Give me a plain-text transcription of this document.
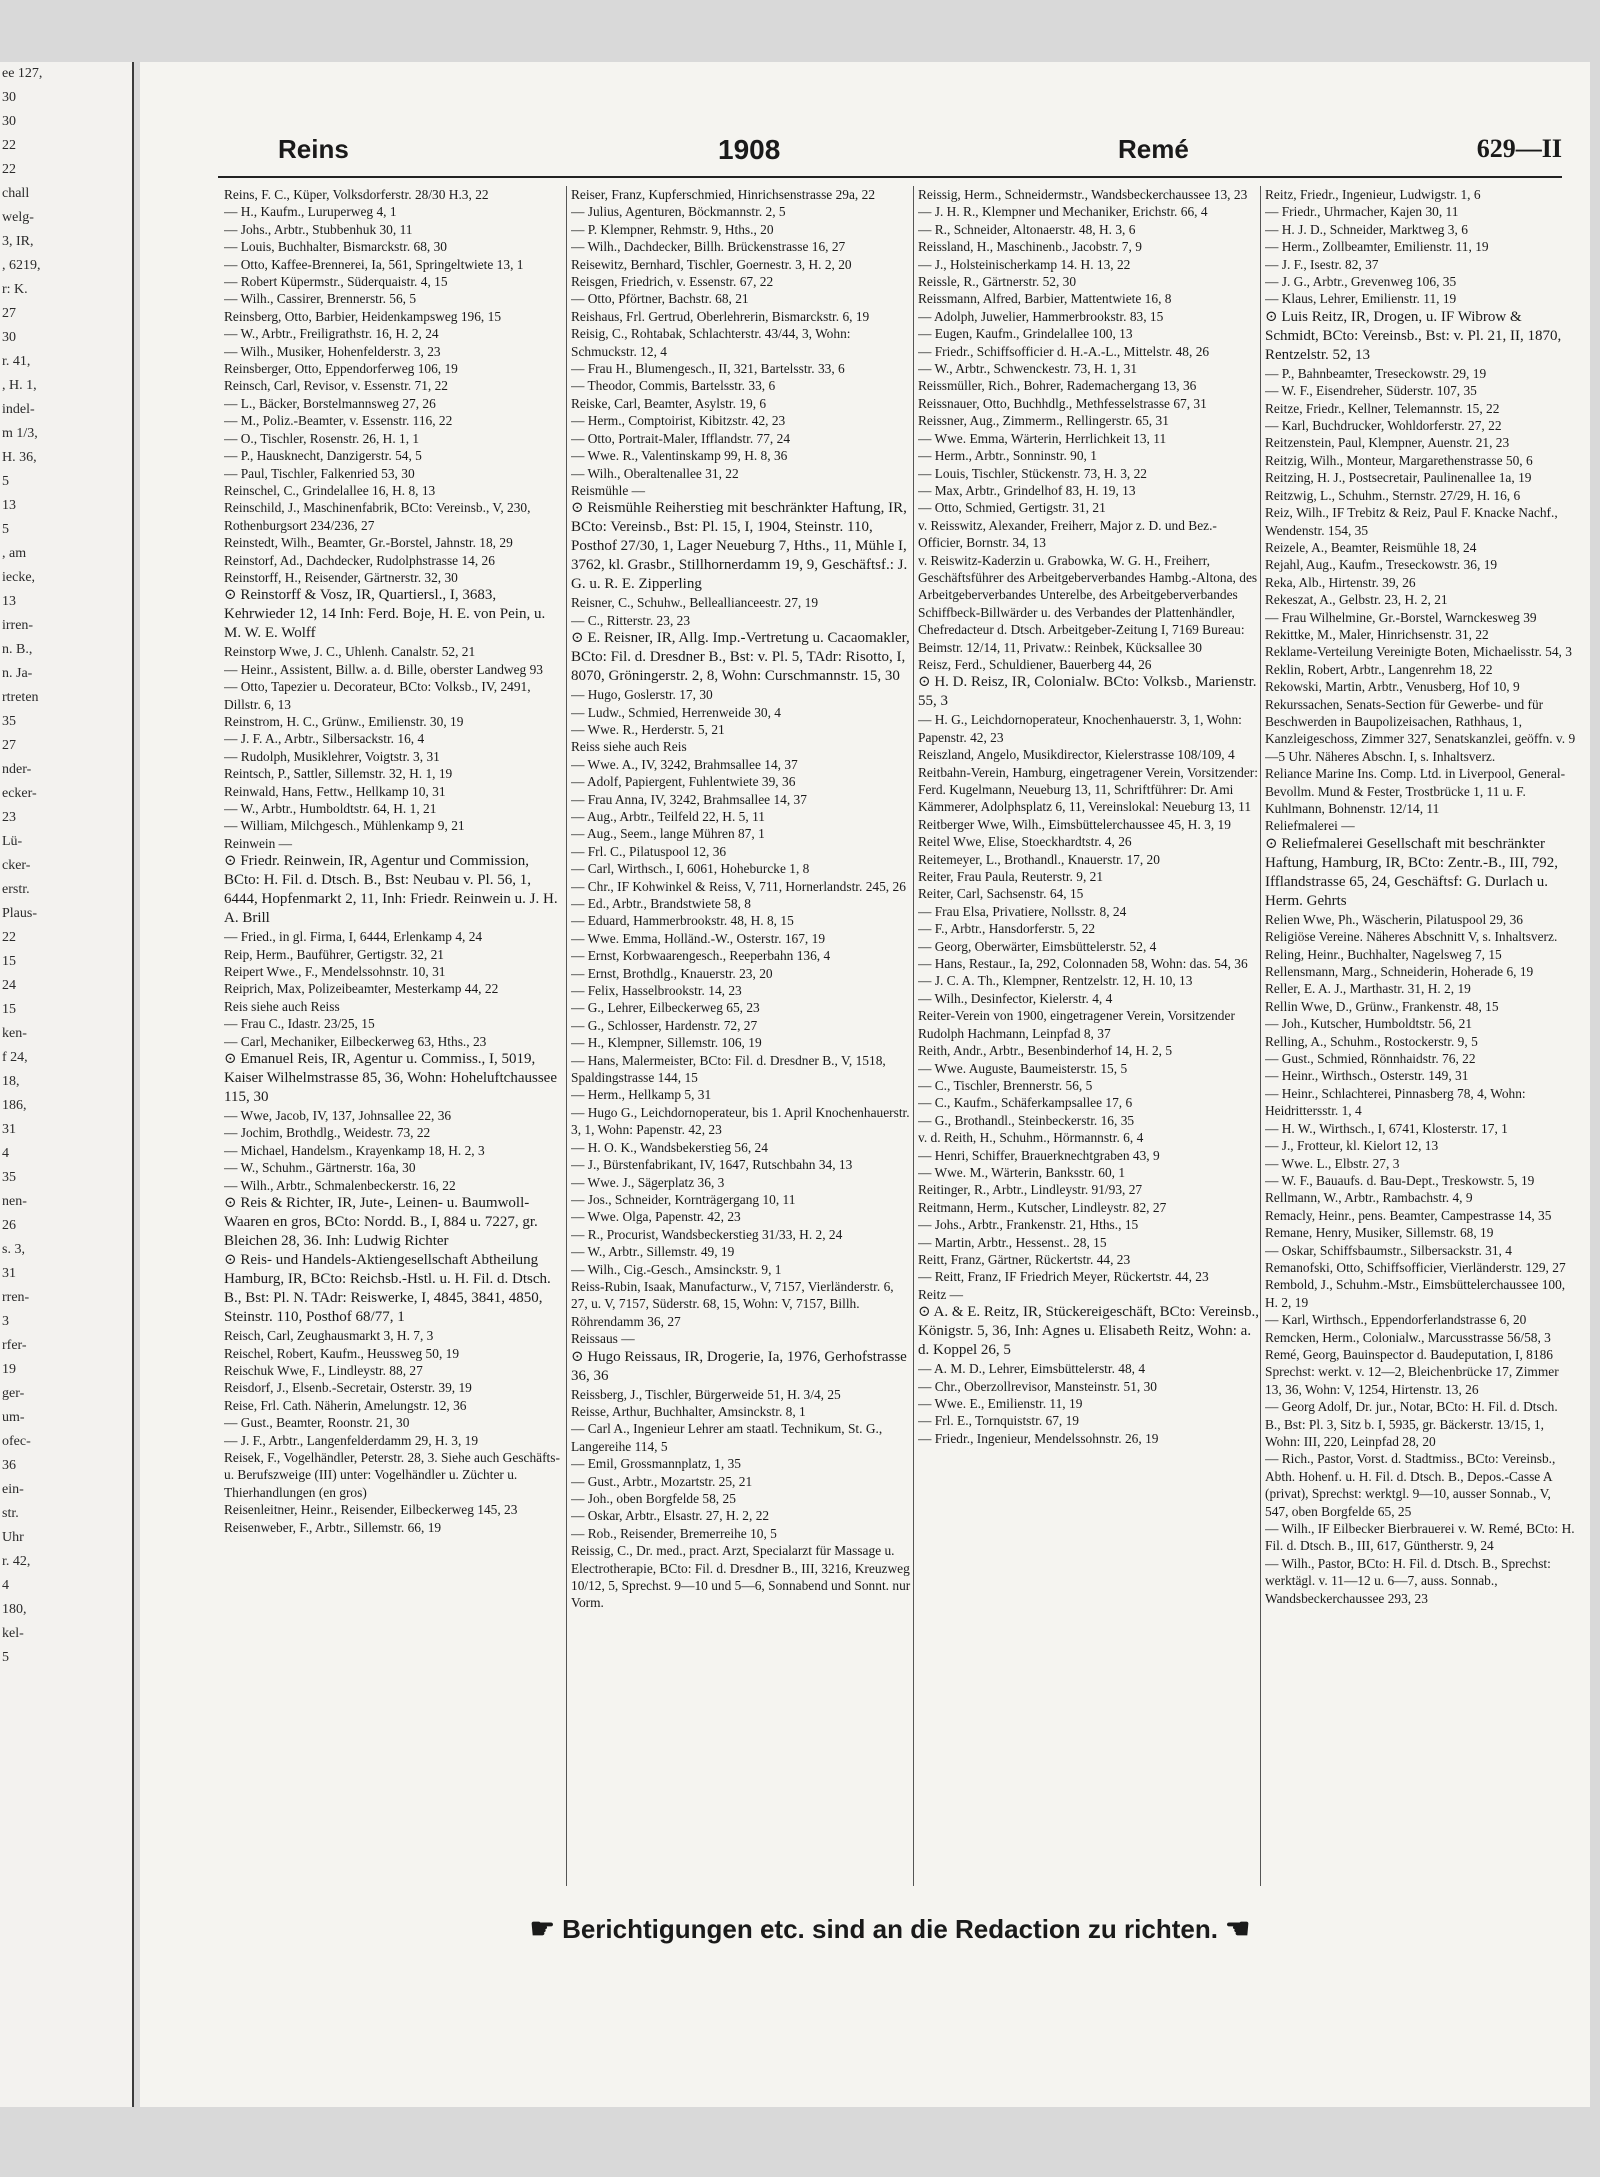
ee 127,
30
30
22
22
chall
welg-
3, IR,
, 6219,
r: K.
27
30
r. 41,
, H. 1,
indel-
m 1/3,
H. 36,
5
13
5
, am
iecke,
13
irren-
n. B.,
n. Ja-
rtreten
35
27
nder-
ecker-
23
Lü-
cker-
erstr.
Plaus-
22
15
24
15
ken-
f 24,
18,
186,
31
4
35
nen-
26
s. 3,
31
rren-
3
rfer-
19
ger-
um-
ofec-
36
ein-
str.
Uhr
r. 42,
4
180,
kel-
5
Reins	1908	Remé	629—II

Reins, F. C., Küper, Volksdorferstr. 28/30 H.3, 22

— H., Kaufm., Luruperweg 4, 1

— Johs., Arbtr., Stubbenhuk 30, 11

— Louis, Buchhalter, Bismarckstr. 68, 30

— Otto, Kaffee-Brennerei, Ia, 561, Springeltwiete 13, 1

— Robert Küpermstr., Süderquaistr. 4, 15

— Wilh., Cassirer, Brennerstr. 56, 5

Reinsberg, Otto, Barbier, Heidenkampsweg 196, 15

— W., Arbtr., Freiligrathstr. 16, H. 2, 24

— Wilh., Musiker, Hohenfelderstr. 3, 23

Reinsberger, Otto, Eppendorferweg 106, 19

Reinsch, Carl, Revisor, v. Essenstr. 71, 22

— L., Bäcker, Borstelmannsweg 27, 26

— M., Poliz.-Beamter, v. Essenstr. 116, 22

— O., Tischler, Rosenstr. 26, H. 1, 1

— P., Hausknecht, Danzigerstr. 54, 5

— Paul, Tischler, Falkenried 53, 30

Reinschel, C., Grindelallee 16, H. 8, 13

Reinschild, J., Maschinenfabrik, BCto: Vereinsb., V, 230, Rothenburgsort 234/236, 27

Reinstedt, Wilh., Beamter, Gr.-Borstel, Jahnstr. 18, 29

Reinstorf, Ad., Dachdecker, Rudolphstrasse 14, 26

Reinstorff, H., Reisender, Gärtnerstr. 32, 30

⊙ Reinstorff & Vosz, IR, Quartiersl., I, 3683, Kehrwieder 12, 14 Inh: Ferd. Boje, H. E. von Pein, u. M. W. E. Wolff

Reinstorp Wwe, J. C., Uhlenh. Canalstr. 52, 21

— Heinr., Assistent, Billw. a. d. Bille, oberster Landweg 93

— Otto, Tapezier u. Decorateur, BCto: Volksb., IV, 2491, Dillstr. 6, 13

Reinstrom, H. C., Grünw., Emilienstr. 30, 19

— J. F. A., Arbtr., Silbersackstr. 16, 4

— Rudolph, Musiklehrer, Voigtstr. 3, 31

Reintsch, P., Sattler, Sillemstr. 32, H. 1, 19

Reinwald, Hans, Fettw., Hellkamp 10, 31

— W., Arbtr., Humboldtstr. 64, H. 1, 21

— William, Milchgesch., Mühlenkamp 9, 21

Reinwein —

⊙ Friedr. Reinwein, IR, Agentur und Commission, BCto: H. Fil. d. Dtsch. B., Bst: Neubau v. Pl. 56, 1, 6444, Hopfenmarkt 2, 11, Inh: Friedr. Reinwein u. J. H. A. Brill

— Fried., in gl. Firma, I, 6444, Erlenkamp 4, 24

Reip, Herm., Bauführer, Gertigstr. 32, 21

Reipert Wwe., F., Mendelssohnstr. 10, 31

Reiprich, Max, Polizeibeamter, Mesterkamp 44, 22

Reis siehe auch Reiss

— Frau C., Idastr. 23/25, 15

— Carl, Mechaniker, Eilbeckerweg 63, Hths., 23

⊙ Emanuel Reis, IR, Agentur u. Commiss., I, 5019, Kaiser Wilhelmstrasse 85, 36, Wohn: Hoheluftchaussee 115, 30

— Wwe, Jacob, IV, 137, Johnsallee 22, 36

— Jochim, Brothdlg., Weidestr. 73, 22

— Michael, Handelsm., Krayenkamp 18, H. 2, 3

— W., Schuhm., Gärtnerstr. 16a, 30

— Wilh., Arbtr., Schmalenbeckerstr. 16, 22

⊙ Reis & Richter, IR, Jute-, Leinen- u. Baumwoll-Waaren en gros, BCto: Nordd. B., I, 884 u. 7227, gr. Bleichen 28, 36. Inh: Ludwig Richter

⊙ Reis- und Handels-Aktiengesellschaft Abtheilung Hamburg, IR, BCto: Reichsb.-Hstl. u. H. Fil. d. Dtsch. B., Bst: Pl. N. TAdr: Reiswerke, I, 4845, 3841, 4850, Steinstr. 110, Posthof 68/77, 1

Reisch, Carl, Zeughausmarkt 3, H. 7, 3

Reischel, Robert, Kaufm., Heussweg 50, 19

Reischuk Wwe, F., Lindleystr. 88, 27

Reisdorf, J., Elsenb.-Secretair, Osterstr. 39, 19

Reise, Frl. Cath. Näherin, Amelungstr. 12, 36

— Gust., Beamter, Roonstr. 21, 30

— J. F., Arbtr., Langenfelderdamm 29, H. 3, 19

Reisek, F., Vogelhändler, Peterstr. 28, 3. Siehe auch Geschäfts- u. Berufszweige (III) unter: Vogelhändler u. Züchter u. Thierhandlungen (en gros)

Reisenleitner, Heinr., Reisender, Eilbeckerweg 145, 23

Reisenweber, F., Arbtr., Sillemstr. 66, 19

Reiser, Franz, Kupferschmied, Hinrichsenstrasse 29a, 22

— Julius, Agenturen, Böckmannstr. 2, 5

— P. Klempner, Rehmstr. 9, Hths., 20

— Wilh., Dachdecker, Billh. Brückenstrasse 16, 27

Reisewitz, Bernhard, Tischler, Goernestr. 3, H. 2, 20

Reisgen, Friedrich, v. Essenstr. 67, 22

— Otto, Pförtner, Bachstr. 68, 21

Reishaus, Frl. Gertrud, Oberlehrerin, Bismarckstr. 6, 19

Reisig, C., Rohtabak, Schlachterstr. 43/44, 3, Wohn: Schmuckstr. 12, 4

— Frau H., Blumengesch., II, 321, Bartelsstr. 33, 6

— Theodor, Commis, Bartelsstr. 33, 6

Reiske, Carl, Beamter, Asylstr. 19, 6

— Herm., Comptoirist, Kibitzstr. 42, 23

— Otto, Portrait-Maler, Ifflandstr. 77, 24

— Wwe. R., Valentinskamp 99, H. 8, 36

— Wilh., Oberaltenallee 31, 22

Reismühle —

⊙ Reismühle Reiherstieg mit beschränkter Haftung, IR, BCto: Vereinsb., Bst: Pl. 15, I, 1904, Steinstr. 110, Posthof 27/30, 1, Lager Neueburg 7, Hths., 11, Mühle I, 3762, kl. Grasbr., Stillhornerdamm 19, 9, Geschäftsf.: J. G. u. R. E. Zipperling

Reisner, C., Schuhw., Belleallianceestr. 27, 19

— C., Ritterstr. 23, 23

⊙ E. Reisner, IR, Allg. Imp.-Vertretung u. Cacaomakler, BCto: Fil. d. Dresdner B., Bst: v. Pl. 5, TAdr: Risotto, I, 8070, Gröningerstr. 2, 8, Wohn: Curschmannstr. 15, 30

— Hugo, Goslerstr. 17, 30

— Ludw., Schmied, Herrenweide 30, 4

— Wwe. R., Herderstr. 5, 21

Reiss siehe auch Reis

— Wwe. A., IV, 3242, Brahmsallee 14, 37

— Adolf, Papiergent, Fuhlentwiete 39, 36

— Frau Anna, IV, 3242, Brahmsallee 14, 37

— Aug., Arbtr., Teilfeld 22, H. 5, 11

— Aug., Seem., lange Mühren 87, 1

— Frl. C., Pilatuspool 12, 36

— Carl, Wirthsch., I, 6061, Hoheburcke 1, 8

— Chr., IF Kohwinkel & Reiss, V, 711, Hornerlandstr. 245, 26

— Ed., Arbtr., Brandstwiete 58, 8

— Eduard, Hammerbrookstr. 48, H. 8, 15

— Wwe. Emma, Holländ.-W., Osterstr. 167, 19

— Ernst, Korbwaarengesch., Reeperbahn 136, 4

— Ernst, Brothdlg., Knauerstr. 23, 20

— Felix, Hasselbrookstr. 14, 23

— G., Lehrer, Eilbeckerweg 65, 23

— G., Schlosser, Hardenstr. 72, 27

— H., Klempner, Sillemstr. 106, 19

— Hans, Malermeister, BCto: Fil. d. Dresdner B., V, 1518, Spaldingstrasse 144, 15

— Herm., Hellkamp 5, 31

— Hugo G., Leichdornoperateur, bis 1. April Knochenhauerstr. 3, 1, Wohn: Papenstr. 42, 23

— H. O. K., Wandsbekerstieg 56, 24

— J., Bürstenfabrikant, IV, 1647, Rutschbahn 34, 13

— Wwe. J., Sägerplatz 36, 3

— Jos., Schneider, Kornträgergang 10, 11

— Wwe. Olga, Papenstr. 42, 23

— R., Procurist, Wandsbeckerstieg 31/33, H. 2, 24

— W., Arbtr., Sillemstr. 49, 19

— Wilh., Cig.-Gesch., Amsinckstr. 9, 1

Reiss-Rubin, Isaak, Manufacturw., V, 7157, Vierländerstr. 6, 27, u. V, 7157, Süderstr. 68, 15, Wohn: V, 7157, Billh. Röhrendamm 36, 27

Reissaus —

⊙ Hugo Reissaus, IR, Drogerie, Ia, 1976, Gerhofstrasse 36, 36

Reissberg, J., Tischler, Bürgerweide 51, H. 3/4, 25

Reisse, Arthur, Buchhalter, Amsinckstr. 8, 1

— Carl A., Ingenieur Lehrer am staatl. Technikum, St. G., Langereihe 114, 5

— Emil, Grossmannplatz, 1, 35

— Gust., Arbtr., Mozartstr. 25, 21

— Joh., oben Borgfelde 58, 25

— Oskar, Arbtr., Elsastr. 27, H. 2, 22

— Rob., Reisender, Bremerreihe 10, 5

Reissig, C., Dr. med., pract. Arzt, Specialarzt für Massage u. Electrotherapie, BCto: Fil. d. Dresdner B., III, 3216, Kreuzweg 10/12, 5, Sprechst. 9—10 und 5—6, Sonnabend und Sonnt. nur Vorm.

Reissig, Herm., Schneidermstr., Wandsbeckerchaussee 13, 23

— J. H. R., Klempner und Mechaniker, Erichstr. 66, 4

— R., Schneider, Altonaerstr. 48, H. 3, 6

Reissland, H., Maschinenb., Jacobstr. 7, 9

— J., Holsteinischerkamp 14. H. 13, 22

Reissle, R., Gärtnerstr. 52, 30

Reissmann, Alfred, Barbier, Mattentwiete 16, 8

— Adolph, Juwelier, Hammerbrookstr. 83, 15

— Eugen, Kaufm., Grindelallee 100, 13

— Friedr., Schiffsofficier d. H.-A.-L., Mittelstr. 48, 26

— W., Arbtr., Schwenckestr. 73, H. 1, 31

Reissmüller, Rich., Bohrer, Rademachergang 13, 36

Reissnauer, Otto, Buchhdlg., Methfesselstrasse 67, 31

Reissner, Aug., Zimmerm., Rellingerstr. 65, 31

— Wwe. Emma, Wärterin, Herrlichkeit 13, 11

— Herm., Arbtr., Sonninstr. 90, 1

— Louis, Tischler, Stückenstr. 73, H. 3, 22

— Max, Arbtr., Grindelhof 83, H. 19, 13

— Otto, Schmied, Gertigstr. 31, 21

v. Reisswitz, Alexander, Freiherr, Major z. D. und Bez.-Officier, Bornstr. 34, 13

v. Reiswitz-Kaderzin u. Grabowka, W. G. H., Freiherr, Geschäftsführer des Arbeitgeberverbandes Hambg.-Altona, des Arbeitgeberverbandes Unterelbe, des Arbeitgeberverbandes Schiffbeck-Billwärder u. des Verbandes der Plattenhändler, Chefredacteur d. Dtsch. Arbeitgeber-Zeitung I, 7169 Bureau: Beimstr. 12/14, 11, Privatw.: Reinbek, Kücksallee 30

Reisz, Ferd., Schuldiener, Bauerberg 44, 26

⊙ H. D. Reisz, IR, Colonialw. BCto: Volksb., Marienstr. 55, 3

— H. G., Leichdornoperateur, Knochenhauerstr. 3, 1, Wohn: Papenstr. 42, 23

Reiszland, Angelo, Musikdirector, Kielerstrasse 108/109, 4

Reitbahn-Verein, Hamburg, eingetragener Verein, Vorsitzender: Ferd. Kugelmann, Neueburg 13, 11, Schriftführer: Dr. Ami Kämmerer, Adolphsplatz 6, 11, Vereinslokal: Neueburg 13, 11

Reitberger Wwe, Wilh., Eimsbüttelerchaussee 45, H. 3, 19

Reitel Wwe, Elise, Stoeckhardtstr. 4, 26

Reitemeyer, L., Brothandl., Knauerstr. 17, 20

Reiter, Frau Paula, Reuterstr. 9, 21

Reiter, Carl, Sachsenstr. 64, 15

— Frau Elsa, Privatiere, Nollsstr. 8, 24

— F., Arbtr., Hansdorferstr. 5, 22

— Georg, Oberwärter, Eimsbüttelerstr. 52, 4

— Hans, Restaur., Ia, 292, Colonnaden 58, Wohn: das. 54, 36

— J. C. A. Th., Klempner, Rentzelstr. 12, H. 10, 13

— Wilh., Desinfector, Kielerstr. 4, 4

Reiter-Verein von 1900, eingetragener Verein, Vorsitzender Rudolph Hachmann, Leinpfad 8, 37

Reith, Andr., Arbtr., Besenbinderhof 14, H. 2, 5

— Wwe. Auguste, Baumeisterstr. 15, 5

— C., Tischler, Brennerstr. 56, 5

— C., Kaufm., Schäferkampsallee 17, 6

— G., Brothandl., Steinbeckerstr. 16, 35

v. d. Reith, H., Schuhm., Hörmannstr. 6, 4

— Henri, Schiffer, Brauerknechtgraben 43, 9

— Wwe. M., Wärterin, Banksstr. 60, 1

Reitinger, R., Arbtr., Lindleystr. 91/93, 27

Reitmann, Herm., Kutscher, Lindleystr. 82, 27

— Johs., Arbtr., Frankenstr. 21, Hths., 15

— Martin, Arbtr., Hessenst.. 28, 15

Reitt, Franz, Gärtner, Rückertstr. 44, 23

— Reitt, Franz, IF Friedrich Meyer, Rückertstr. 44, 23

Reitz —

⊙ A. & E. Reitz, IR, Stückereigeschäft, BCto: Vereinsb., Königstr. 5, 36, Inh: Agnes u. Elisabeth Reitz, Wohn: a. d. Koppel 26, 5

— A. M. D., Lehrer, Eimsbüttelerstr. 48, 4

— Chr., Oberzollrevisor, Mansteinstr. 51, 30

— Wwe. E., Emilienstr. 11, 19

— Frl. E., Tornquiststr. 67, 19

— Friedr., Ingenieur, Mendelssohnstr. 26, 19

Reitz, Friedr., Ingenieur, Ludwigstr. 1, 6

— Friedr., Uhrmacher, Kajen 30, 11

— H. J. D., Schneider, Marktweg 3, 6

— Herm., Zollbeamter, Emilienstr. 11, 19

— J. F., Isestr. 82, 37

— J. G., Arbtr., Grevenweg 106, 35

— Klaus, Lehrer, Emilienstr. 11, 19

⊙ Luis Reitz, IR, Drogen, u. IF Wibrow & Schmidt, BCto: Vereinsb., Bst: v. Pl. 21, II, 1870, Rentzelstr. 52, 13

— P., Bahnbeamter, Treseckowstr. 29, 19

— W. F., Eisendreher, Süderstr. 107, 35

Reitze, Friedr., Kellner, Telemannstr. 15, 22

— Karl, Buchdrucker, Wohldorferstr. 27, 22

Reitzenstein, Paul, Klempner, Auenstr. 21, 23

Reitzig, Wilh., Monteur, Margarethenstrasse 50, 6

Reitzing, H. J., Postsecretair, Paulinenallee 1a, 19

Reitzwig, L., Schuhm., Sternstr. 27/29, H. 16, 6

Reiz, Wilh., IF Trebitz & Reiz, Paul F. Knacke Nachf., Wendenstr. 154, 35

Reizele, A., Beamter, Reismühle 18, 24

Rejahl, Aug., Kaufm., Treseckowstr. 36, 19

Reka, Alb., Hirtenstr. 39, 26

Rekeszat, A., Gelbstr. 23, H. 2, 21

— Frau Wilhelmine, Gr.-Borstel, Warnckesweg 39

Rekittke, M., Maler, Hinrichsenstr. 31, 22

Reklame-Verteilung Vereinigte Boten, Michaelisstr. 54, 3

Reklin, Robert, Arbtr., Langenrehm 18, 22

Rekowski, Martin, Arbtr., Venusberg, Hof 10, 9

Rekurssachen, Senats-Section für Gewerbe- und für Beschwerden in Baupolizeisachen, Rathhaus, 1, Kanzleigeschoss, Zimmer 327, Senatskanzlei, geöffn. v. 9—5 Uhr. Näheres Abschn. I, s. Inhaltsverz.

Reliance Marine Ins. Comp. Ltd. in Liverpool, General-Bevollm. Mund & Fester, Trostbrücke 1, 11 u. F. Kuhlmann, Bohnenstr. 12/14, 11

Reliefmalerei —

⊙ Reliefmalerei Gesellschaft mit beschränkter Haftung, Hamburg, IR, BCto: Zentr.-B., III, 792, Ifflandstrasse 65, 24, Geschäftsf: G. Durlach u. Herm. Gehrts

Relien Wwe, Ph., Wäscherin, Pilatuspool 29, 36

Religiöse Vereine. Näheres Abschnitt V, s. Inhaltsverz.

Reling, Heinr., Buchhalter, Nagelsweg 7, 15

Rellensmann, Marg., Schneiderin, Hoherade 6, 19

Reller, E. A. J., Marthastr. 31, H. 2, 19

Rellin Wwe, D., Grünw., Frankenstr. 48, 15

— Joh., Kutscher, Humboldtstr. 56, 21

Relling, A., Schuhm., Rostockerstr. 9, 5

— Gust., Schmied, Rönnhaidstr. 76, 22

— Heinr., Wirthsch., Osterstr. 149, 31

— Heinr., Schlachterei, Pinnasberg 78, 4, Wohn: Heidrittersstr. 1, 4

— H. W., Wirthsch., I, 6741, Klosterstr. 17, 1

— J., Frotteur, kl. Kielort 12, 13

— Wwe. L., Elbstr. 27, 3

— W. F., Bauaufs. d. Bau-Dept., Treskowstr. 5, 19

Rellmann, W., Arbtr., Rambachstr. 4, 9

Remacly, Heinr., pens. Beamter, Campestrasse 14, 35

Remane, Henry, Musiker, Sillemstr. 68, 19

— Oskar, Schiffsbaumstr., Silbersackstr. 31, 4

Remanofski, Otto, Schiffsofficier, Vierländerstr. 129, 27

Rembold, J., Schuhm.-Mstr., Eimsbüttelerchaussee 100, H. 2, 19

— Karl, Wirthsch., Eppendorferlandstrasse 6, 20

Remcken, Herm., Colonialw., Marcusstrasse 56/58, 3

Remé, Georg, Bauinspector d. Baudeputation, I, 8186 Sprechst: werkt. v. 12—2, Bleichenbrücke 17, Zimmer 13, 36, Wohn: V, 1254, Hirtenstr. 13, 26

— Georg Adolf, Dr. jur., Notar, BCto: H. Fil. d. Dtsch. B., Bst: Pl. 3, Sitz b. I, 5935, gr. Bäckerstr. 13/15, 1, Wohn: III, 220, Leinpfad 28, 20

— Rich., Pastor, Vorst. d. Stadtmiss., BCto: Vereinsb., Abth. Hohenf. u. H. Fil. d. Dtsch. B., Depos.-Casse A (privat), Sprechst: werktgl. 9—10, ausser Sonnab., V, 547, oben Borgfelde 65, 25

— Wilh., IF Eilbecker Bierbrauerei v. W. Remé, BCto: H. Fil. d. Dtsch. B., III, 617, Güntherstr. 9, 24

— Wilh., Pastor, BCto: H. Fil. d. Dtsch. B., Sprechst: werktägl. v. 11—12 u. 6—7, auss. Sonnab., Wandsbeckerchaussee 293, 23

☛ Berichtigungen etc. sind an die Redaction zu richten. ☚
